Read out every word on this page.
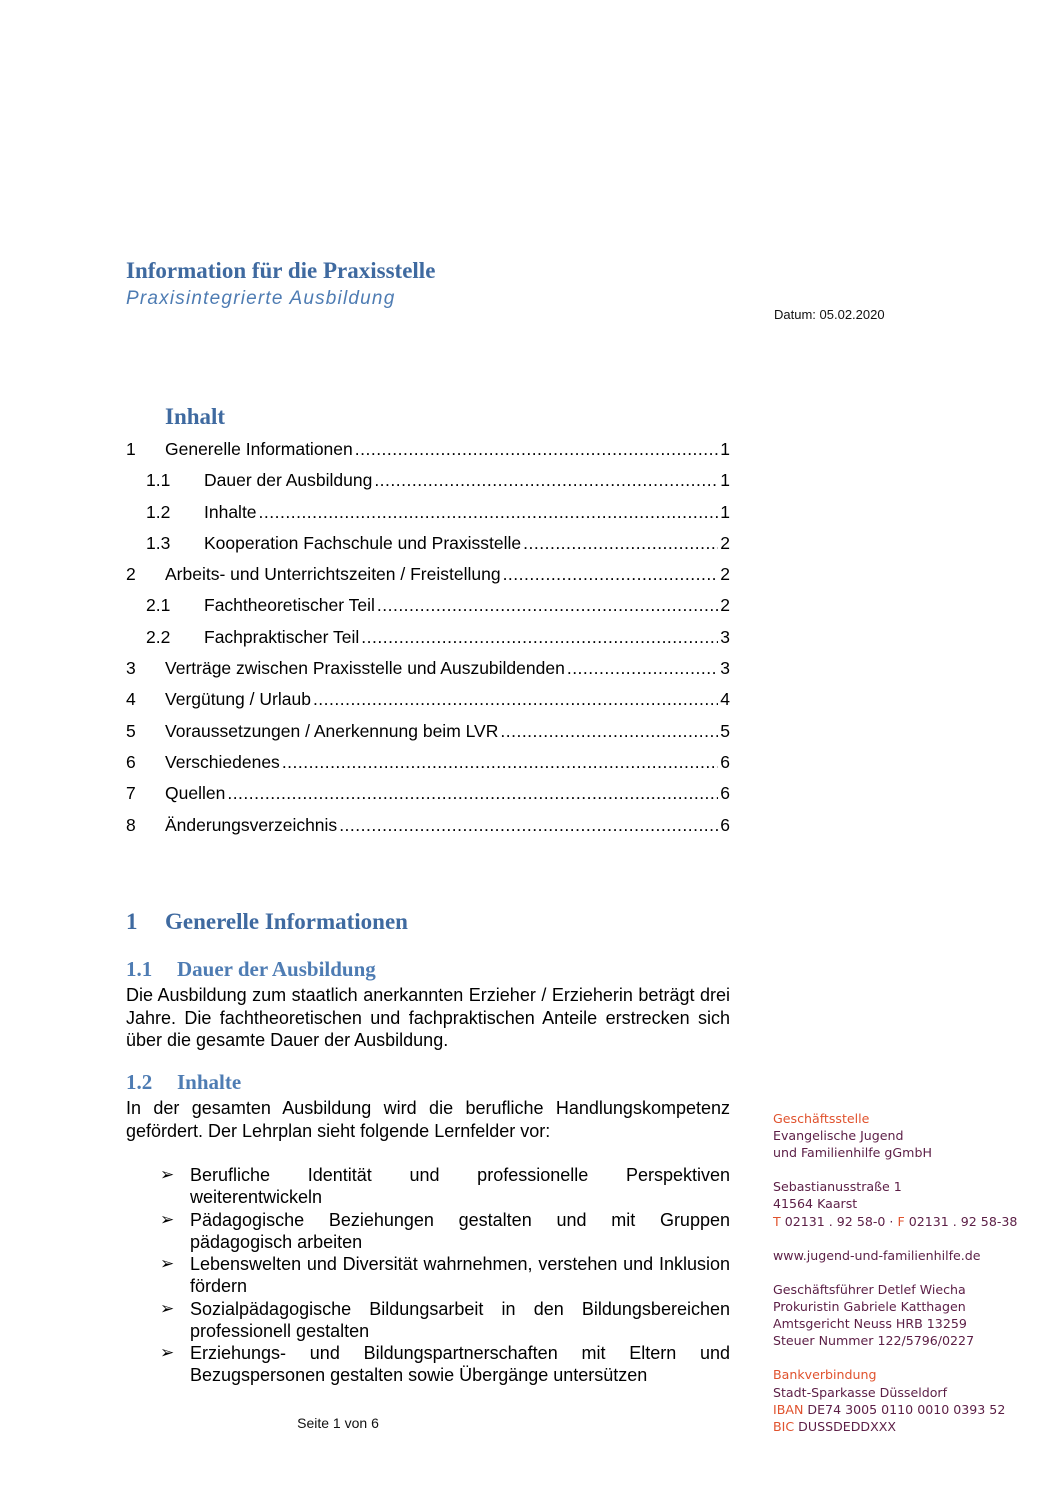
Information für die Praxisstelle
Praxisintegrierte Ausbildung
Datum: 05.02.2020
Inhalt
1	Generelle Informationen .....	1
1.1	Dauer der Ausbildung .....	1
1.2	Inhalte .....	1
1.3	Kooperation Fachschule und Praxisstelle .....	2
2	Arbeits- und Unterrichtszeiten / Freistellung .....	2
2.1	Fachtheoretischer Teil .....	2
2.2	Fachpraktischer Teil .....	3
3	Verträge zwischen Praxisstelle und Auszubildenden .....	3
4	Vergütung / Urlaub .....	4
5	Voraussetzungen / Anerkennung beim LVR .....	5
6	Verschiedenes .....	6
7	Quellen .....	6
8	Änderungsverzeichnis .....	6
1 Generelle Informationen
1.1 Dauer der Ausbildung
Die Ausbildung zum staatlich anerkannten Erzieher / Erzieherin beträgt drei Jahre. Die fachtheoretischen und fachpraktischen Anteile erstrecken sich über die gesamte Dauer der Ausbildung.
1.2 Inhalte
In der gesamten Ausbildung wird die berufliche Handlungskompetenz gefördert. Der Lehrplan sieht folgende Lernfelder vor:
➢ Berufliche Identität und professionelle Perspektiven weiterentwickeln
➢ Pädagogische Beziehungen gestalten und mit Gruppen pädagogisch arbeiten
➢ Lebenswelten und Diversität wahrnehmen, verstehen und Inklusion fördern
➢ Sozialpädagogische Bildungsarbeit in den Bildungsbereichen professionell gestalten
➢ Erziehungs- und Bildungspartnerschaften mit Eltern und Bezugspersonen gestalten sowie Übergänge untersützen
Geschäftsstelle
Evangelische Jugend
und Familienhilfe gGmbH
Sebastianusstraße 1
41564 Kaarst
T 02131 . 92 58-0 · F 02131 . 92 58-38
www.jugend-und-familienhilfe.de
Geschäftsführer Detlef Wiecha
Prokuristin Gabriele Katthagen
Amtsgericht Neuss HRB 13259
Steuer Nummer 122/5796/0227
Bankverbindung
Stadt-Sparkasse Düsseldorf
IBAN DE74 3005 0110 0010 0393 52
BIC DUSSDEDDXXX
Seite 1 von 6
